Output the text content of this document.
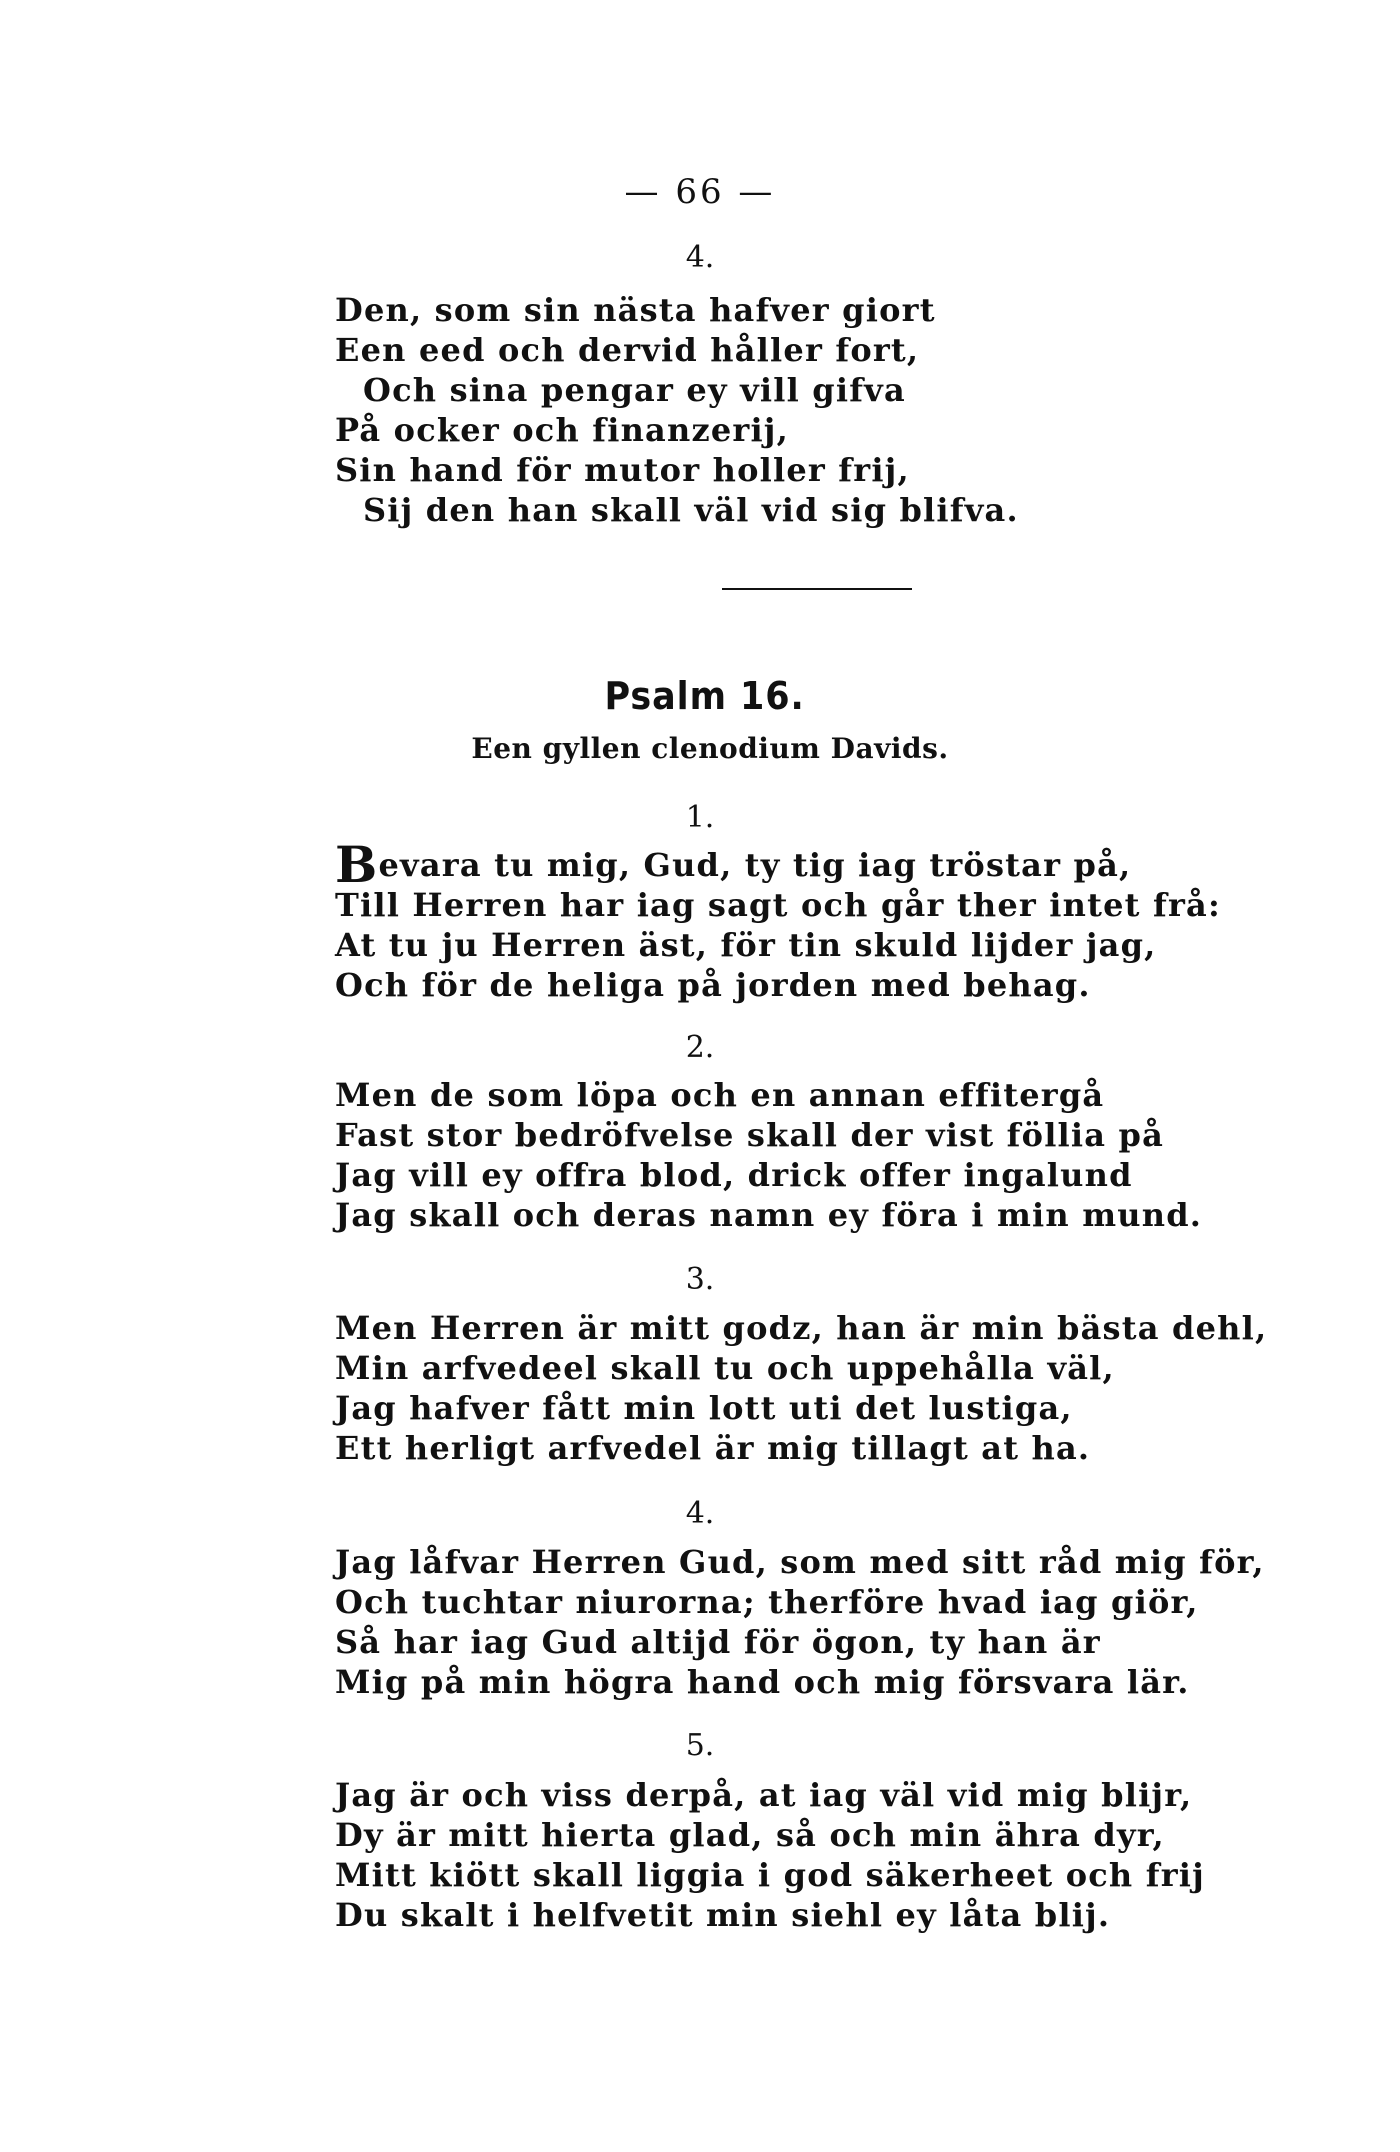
— 66 —
4.
Den, som sin nästa hafver giort
Een eed och dervid håller fort,
Och sina pengar ey vill gifva
På ocker och finanzerij,
Sin hand för mutor holler frij,
Sij den han skall väl vid sig blifva.
Psalm 16.
Een gyllen clenodium Davids.
1.
Bevara tu mig, Gud, ty tig iag tröstar på,
Till Herren har iag sagt och går ther intet frå:
At tu ju Herren äst, för tin skuld lijder jag,
Och för de heliga på jorden med behag.
2.
Men de som löpa och en annan effitergå
Fast stor bedröfvelse skall der vist föllia på
Jag vill ey offra blod, drick offer ingalund
Jag skall och deras namn ey föra i min mund.
3.
Men Herren är mitt godz, han är min bästa dehl,
Min arfvedeel skall tu och uppehålla väl,
Jag hafver fått min lott uti det lustiga,
Ett herligt arfvedel är mig tillagt at ha.
4.
Jag låfvar Herren Gud, som med sitt råd mig för,
Och tuchtar niurorna; therföre hvad iag giör,
Så har iag Gud altijd för ögon, ty han är
Mig på min högra hand och mig försvara lär.
5.
Jag är och viss derpå, at iag väl vid mig blijr,
Dy är mitt hierta glad, så och min ähra dyr,
Mitt kiött skall liggia i god säkerheet och frij
Du skalt i helfvetit min siehl ey låta blij.
